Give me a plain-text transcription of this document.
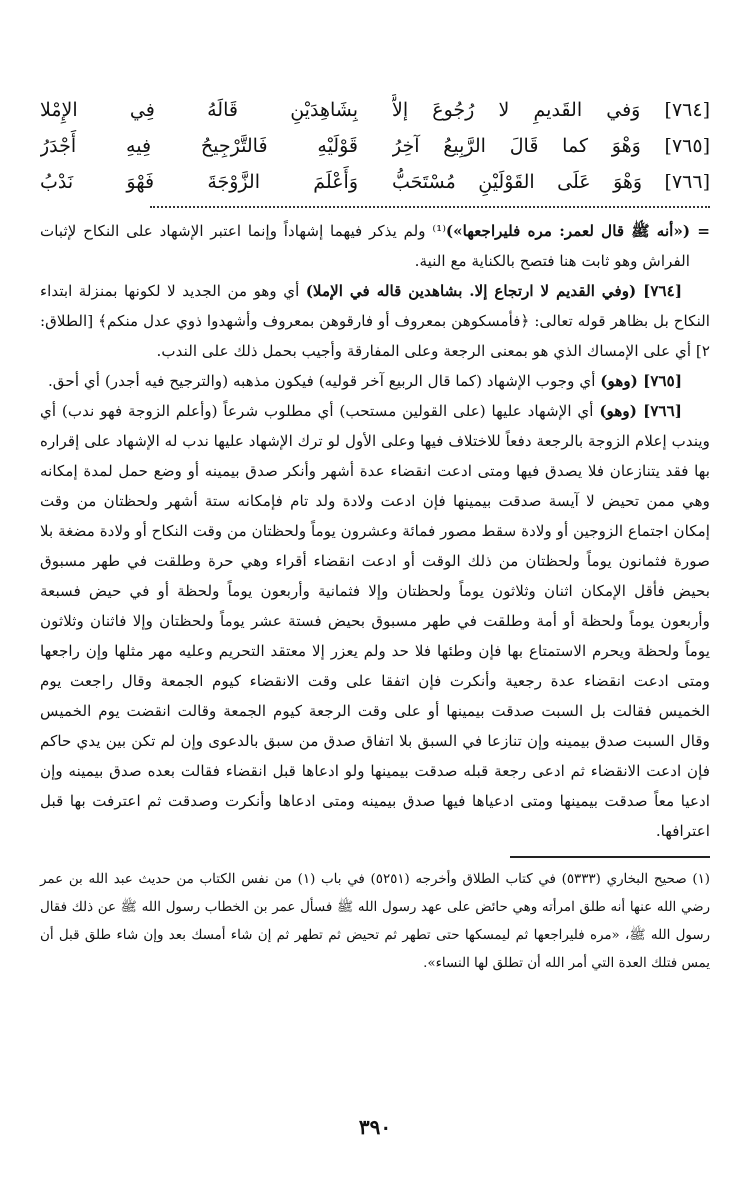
[٧٦٤] وَفي القَديمِ لا رُجُوعَ إلاَّ
بِشَاهِدَيْنِ قَالَهُ فِي الإِمْلا
[٧٦٥] وَهْوَ كما قَالَ الرَّبِيعُ آخِرُ
قَوْلَيْهِ فَالتَّرْجِيحُ فِيهِ أَجْدَرُ
[٧٦٦] وَهْوَ عَلَى القَوْلَيْنِ مُسْتَحَبُّ
وَأَعْلَمَ الزَّوْجَةَ فَهْوَ نَدْبُ

= («أنه ﷺ قال لعمر: مره فليراجعها»)⁽¹⁾ ولم يذكر فيهما إشهاداً وإنما اعتبر الإشهاد على النكاح لإثبات الفراش وهو ثابت هنا فتصح بالكناية مع النية.

[٧٦٤] (وفي القديم لا ارتجاع إلا. بشاهدين قاله في الإملا) أي وهو من الجديد لا لكونها بمنزلة ابتداء النكاح بل بظاهر قوله تعالى: ﴿فأمسكوهن بمعروف أو فارقوهن بمعروف وأشهدوا ذوي عدل منكم﴾ [الطلاق: ٢] أي على الإمساك الذي هو بمعنى الرجعة وعلى المفارقة وأجيب بحمل ذلك على الندب.

[٧٦٥] (وهو) أي وجوب الإشهاد (كما قال الربيع آخر قوليه) فيكون مذهبه (والترجيح فيه أجدر) أي أحق.

[٧٦٦] (وهو) أي الإشهاد عليها (على القولين مستحب) أي مطلوب شرعاً (وأعلم الزوجة فهو ندب) أي ويندب إعلام الزوجة بالرجعة دفعاً للاختلاف فيها وعلى الأول لو ترك الإشهاد عليها ندب له الإشهاد على إقراره بها فقد يتنازعان فلا يصدق فيها ومتى ادعت انقضاء عدة أشهر وأنكر صدق بيمينه أو وضع حمل لمدة إمكانه وهي ممن تحيض لا آيسة صدقت بيمينها فإن ادعت ولادة ولد تام فإمكانه ستة أشهر ولحظتان من وقت إمكان اجتماع الزوجين أو ولادة سقط مصور فمائة وعشرون يوماً ولحظتان من وقت النكاح أو ولادة مضغة بلا صورة فثمانون يوماً ولحظتان من ذلك الوقت أو ادعت انقضاء أقراء وهي حرة وطلقت في طهر مسبوق بحيض فأقل الإمكان اثنان وثلاثون يوماً ولحظتان وإلا فثمانية وأربعون يوماً ولحظة أو في حيض فسبعة وأربعون يوماً ولحظة أو أمة وطلقت في طهر مسبوق بحيض فستة عشر يوماً ولحظتان وإلا فاثنان وثلاثون يوماً ولحظة ويحرم الاستمتاع بها فإن وطئها فلا حد ولم يعزر إلا معتقد التحريم وعليه مهر مثلها وإن راجعها ومتى ادعت انقضاء عدة رجعية وأنكرت فإن اتفقا على وقت الانقضاء كيوم الجمعة وقال راجعت يوم الخميس فقالت بل السبت صدقت بيمينها أو على وقت الرجعة كيوم الجمعة وقالت انقضت يوم الخميس وقال السبت صدق بيمينه وإن تنازعا في السبق بلا اتفاق صدق من سبق بالدعوى وإن لم تكن بين يدي حاكم فإن ادعت الانقضاء ثم ادعى رجعة قبله صدقت بيمينها ولو ادعاها قبل انقضاء فقالت بعده صدق بيمينه وإن ادعيا معاً صدقت بيمينها ومتى ادعياها فيها صدق بيمينه ومتى ادعاها وأنكرت وصدقت ثم اعترفت بها قبل اعترافها.

(١) صحيح البخاري (٥٣٣٣) في كتاب الطلاق وأخرجه (٥٢٥١) في باب (١) من نفس الكتاب من حديث عبد الله بن عمر رضي الله عنها أنه طلق امرأته وهي حائض على عهد رسول الله ﷺ فسأل عمر بن الخطاب رسول الله ﷺ عن ذلك فقال رسول الله ﷺ، «مره فليراجعها ثم ليمسكها حتى تطهر ثم تحيض ثم تطهر ثم إن شاء أمسك بعد وإن شاء طلق قبل أن يمس فتلك العدة التي أمر الله أن تطلق لها النساء».
٣٩٠
